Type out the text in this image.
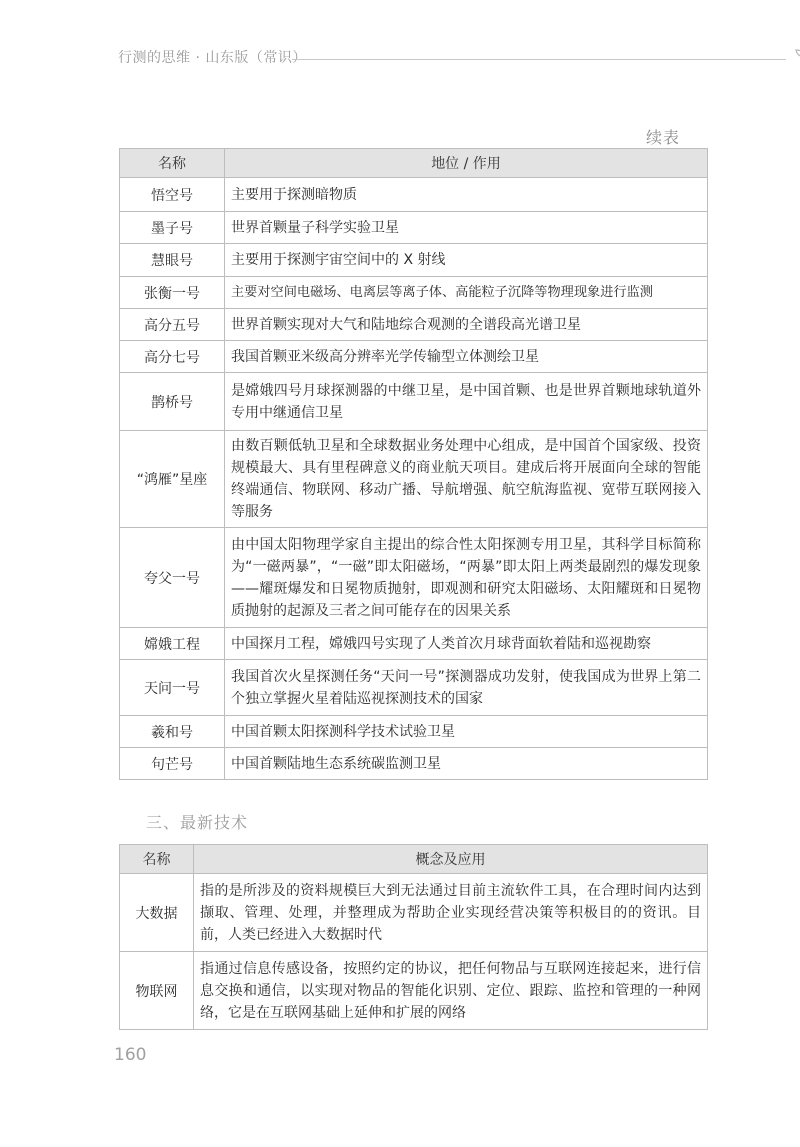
行测的思维 · 山东版（常识）
续表
名称	地位 / 作用
悟空号	主要用于探测暗物质
墨子号	世界首颗量子科学实验卫星
慧眼号	主要用于探测宇宙空间中的 X 射线
张衡一号	主要对空间电磁场、电离层等离子体、高能粒子沉降等物理现象进行监测
高分五号	世界首颗实现对大气和陆地综合观测的全谱段高光谱卫星
高分七号	我国首颗亚米级高分辨率光学传输型立体测绘卫星
鹊桥号	是嫦娥四号月球探测器的中继卫星，是中国首颗、也是世界首颗地球轨道外专用中继通信卫星
“鸿雁”星座	由数百颗低轨卫星和全球数据业务处理中心组成，是中国首个国家级、投资规模最大、具有里程碑意义的商业航天项目。建成后将开展面向全球的智能终端通信、物联网、移动广播、导航增强、航空航海监视、宽带互联网接入等服务
夸父一号	由中国太阳物理学家自主提出的综合性太阳探测专用卫星，其科学目标简称为“一磁两暴”，“一磁”即太阳磁场，“两暴”即太阳上两类最剧烈的爆发现象——耀斑爆发和日冕物质抛射，即观测和研究太阳磁场、太阳耀斑和日冕物质抛射的起源及三者之间可能存在的因果关系
嫦娥工程	中国探月工程，嫦娥四号实现了人类首次月球背面软着陆和巡视勘察
天问一号	我国首次火星探测任务“天问一号”探测器成功发射，使我国成为世界上第二个独立掌握火星着陆巡视探测技术的国家
羲和号	中国首颗太阳探测科学技术试验卫星
句芒号	中国首颗陆地生态系统碳监测卫星
三、最新技术
名称	概念及应用
大数据	指的是所涉及的资料规模巨大到无法通过目前主流软件工具，在合理时间内达到撷取、管理、处理，并整理成为帮助企业实现经营决策等积极目的的资讯。目前，人类已经进入大数据时代
物联网	指通过信息传感设备，按照约定的协议，把任何物品与互联网连接起来，进行信息交换和通信，以实现对物品的智能化识别、定位、跟踪、监控和管理的一种网络，它是在互联网基础上延伸和扩展的网络
160
